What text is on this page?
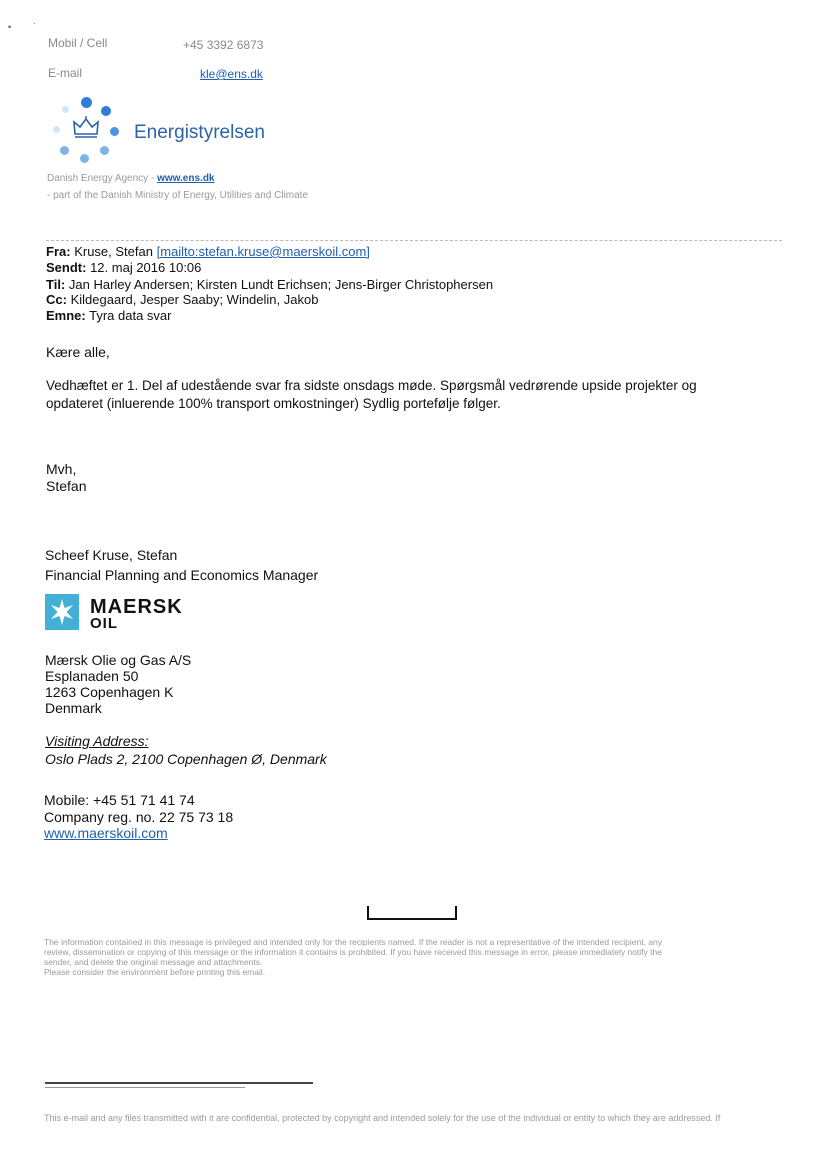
• ˙
Mobil / Cell	+45 3392 6873
E-mail	kle@ens.dk
Energistyrelsen
Danish Energy Agency - www.ens.dk
- part of the Danish Ministry of Energy, Utilities and Climate
Fra: Kruse, Stefan [mailto:stefan.kruse@maerskoil.com]
Sendt: 12. maj 2016 10:06
Til: Jan Harley Andersen; Kirsten Lundt Erichsen; Jens-Birger Christophersen
Cc: Kildegaard, Jesper Saaby; Windelin, Jakob
Emne: Tyra data svar
Kære alle,
Vedhæftet er 1. Del af udestående svar fra sidste onsdags møde. Spørgsmål vedrørende upside projekter og
opdateret (inluerende 100% transport omkostninger) Sydlig portefølje følger.
Mvh,
Stefan
Scheef Kruse, Stefan
Financial Planning and Economics Manager
MAERSK
OIL
Mærsk Olie og Gas A/S
Esplanaden 50
1263 Copenhagen K
Denmark
Visiting Address:
Oslo Plads 2, 2100 Copenhagen Ø, Denmark
Mobile: +45 51 71 41 74
Company reg. no. 22 75 73 18
www.maerskoil.com
The information contained in this message is privileged and intended only for the recipients named. If the reader is not a representative of the intended recipient, any
review, dissemination or copying of this message or the information it contains is prohibited. If you have received this message in error, please immediately notify the
sender, and delete the original message and attachments.
Please consider the environment before printing this email.
This e-mail and any files transmitted with it are confidential, protected by copyright and intended solely for the use of the individual or entity to which they are addressed. If
